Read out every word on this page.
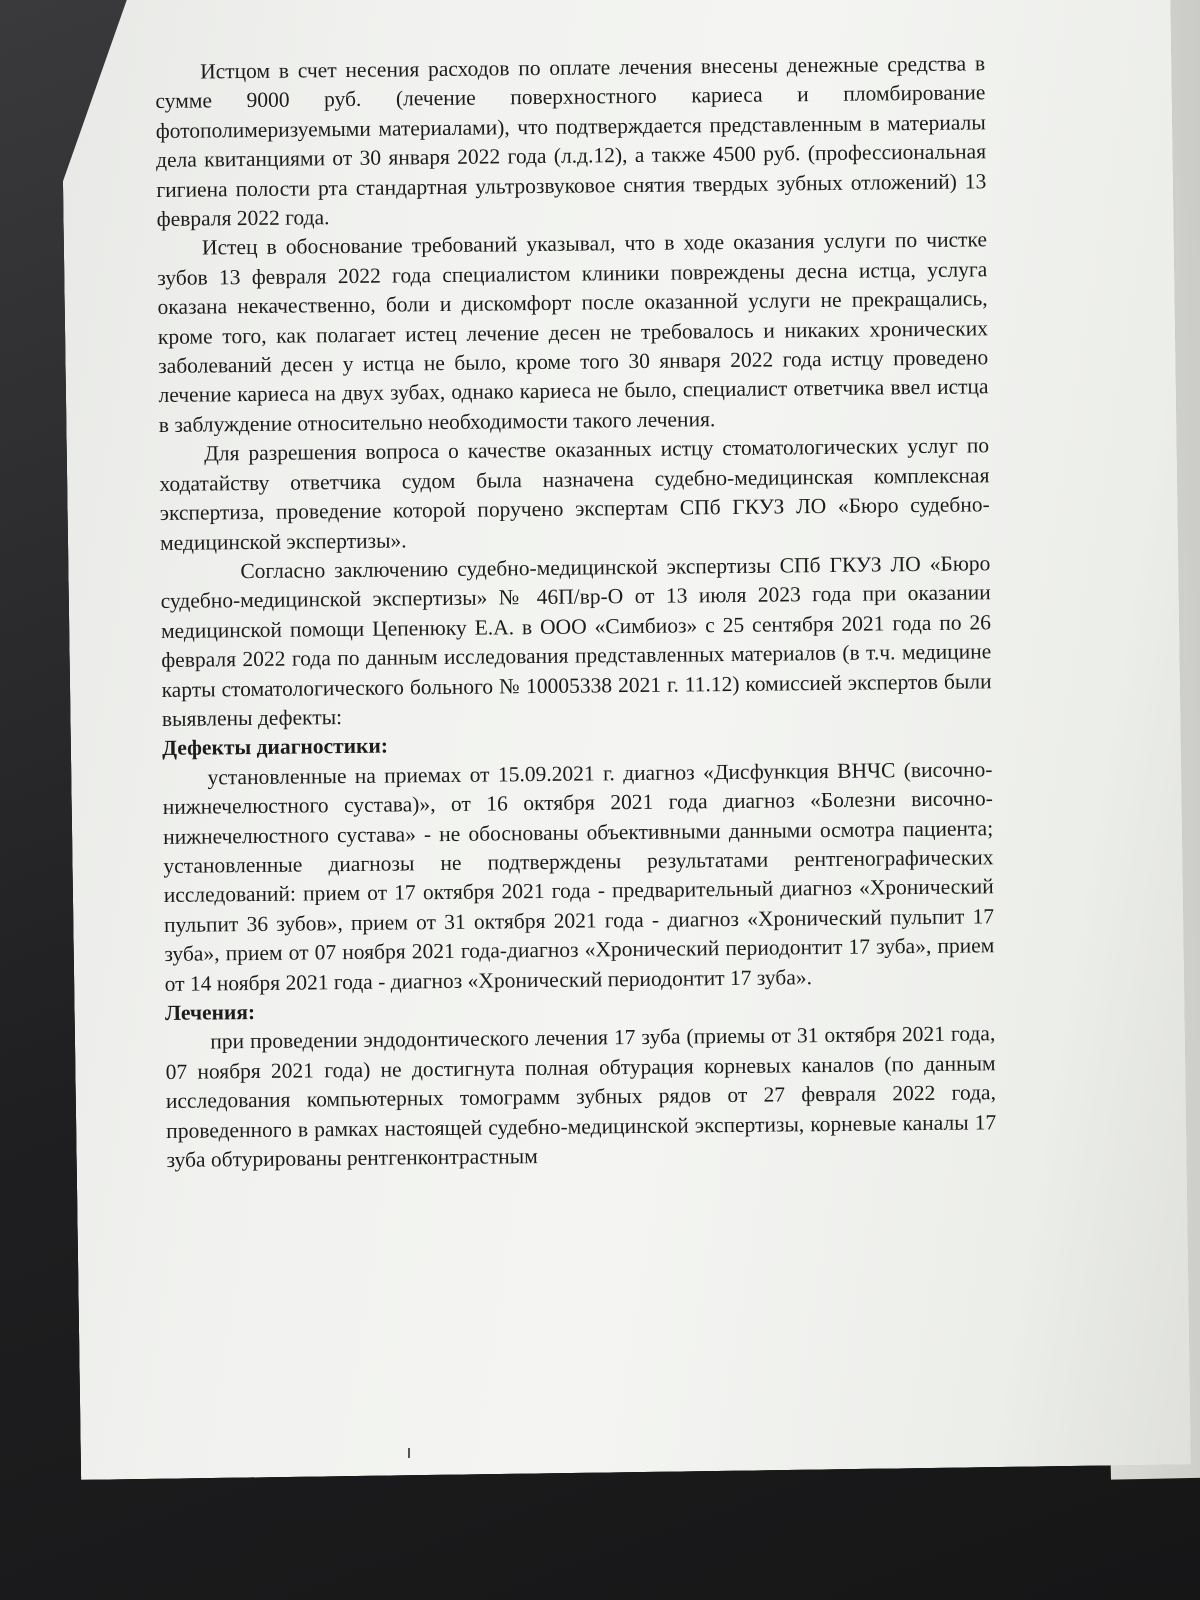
Истцом в счет несения расходов по оплате лечения внесены денежные средства в сумме 9000 руб. (лечение поверхностного кариеса и пломбирование фотополимеризуемыми материалами), что подтверждается представленным в материалы дела квитанциями от 30 января 2022 года (л.д.12), а также 4500 руб. (профессиональная гигиена полости рта стандартная ультрозвуковое снятия твердых зубных отложений) 13 февраля 2022 года.

Истец в обоснование требований указывал, что в ходе оказания услуги по чистке зубов 13 февраля 2022 года специалистом клиники повреждены десна истца, услуга оказана некачественно, боли и дискомфорт после оказанной услуги не прекращались, кроме того, как полагает истец лечение десен не требовалось и никаких хронических заболеваний десен у истца не было, кроме того 30 января 2022 года истцу проведено лечение кариеса на двух зубах, однако кариеса не было, специалист ответчика ввел истца в заблуждение относительно необходимости такого лечения.

Для разрешения вопроса о качестве оказанных истцу стоматологических услуг по ходатайству ответчика судом была назначена судебно-медицинская комплексная экспертиза, проведение которой поручено экспертам СПб ГКУЗ ЛО «Бюро судебно-медицинской экспертизы».

Согласно заключению судебно-медицинской экспертизы СПб ГКУЗ ЛО «Бюро судебно-медицинской экспертизы» № 46П/вр-О от 13 июля 2023 года при оказании медицинской помощи Цепенюку Е.А. в ООО «Симбиоз» с 25 сентября 2021 года по 26 февраля 2022 года по данным исследования представленных материалов (в т.ч. медицине карты стоматологического больного № 10005338 2021 г. 11.12) комиссией экспертов были выявлены дефекты:

Дефекты диагностики:

установленные на приемах от 15.09.2021 г. диагноз «Дисфункция ВНЧС (височно-нижнечелюстного сустава)», от 16 октября 2021 года диагноз «Болезни височно-нижнечелюстного сустава» - не обоснованы объективными данными осмотра пациента; установленные диагнозы не подтверждены результатами рентгенографических исследований: прием от 17 октября 2021 года - предварительный диагноз «Хронический пульпит 36 зубов», прием от 31 октября 2021 года - диагноз «Хронический пульпит 17 зуба», прием от 07 ноября 2021 года-диагноз «Хронический периодонтит 17 зуба», прием от 14 ноября 2021 года - диагноз «Хронический периодонтит 17 зуба».

Лечения:

при проведении эндодонтического лечения 17 зуба (приемы от 31 октября 2021 года, 07 ноября 2021 года) не достигнута полная обтурация корневых каналов (по данным исследования компьютерных томограмм зубных рядов от 27 февраля 2022 года, проведенного в рамках настоящей судебно-медицинской экспертизы, корневые каналы 17 зуба обтурированы рентгенконтрастным
